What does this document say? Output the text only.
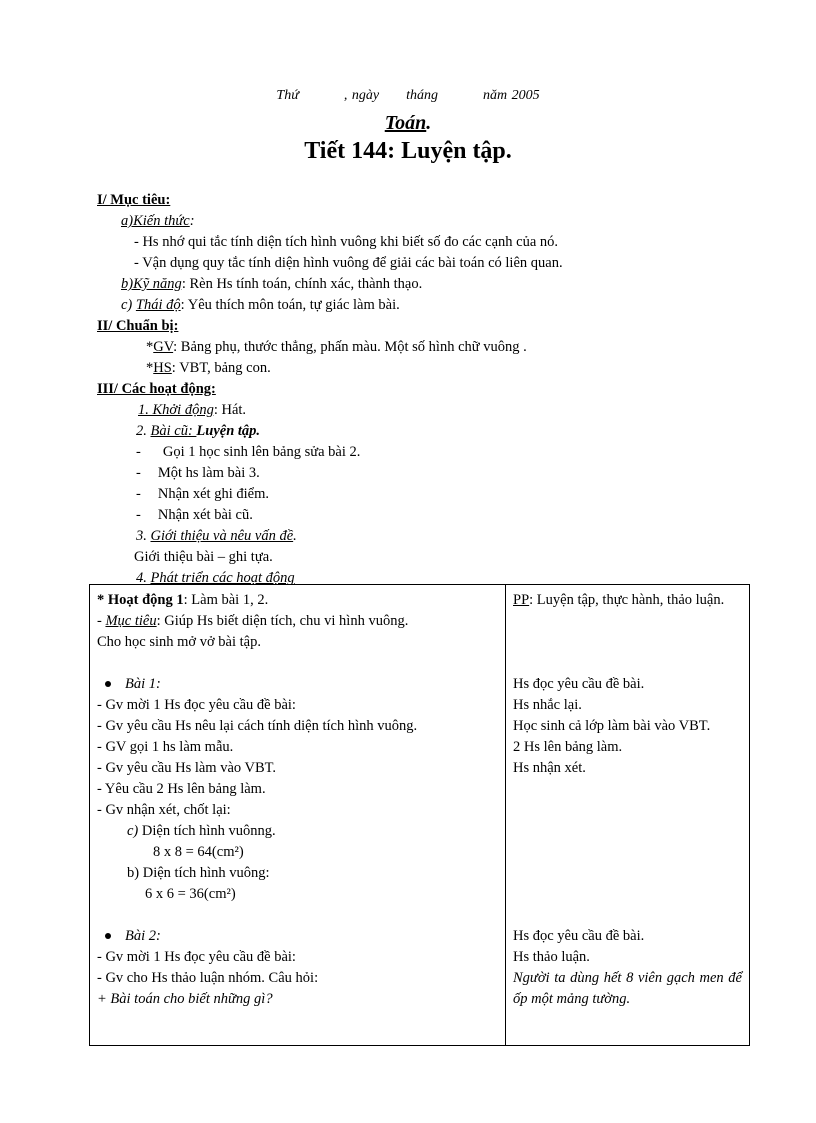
Thứ	, ngày tháng	năm 2005
Toán.
Tiết 144: Luyện tập.
I/ Mục tiêu:
a)Kiến thức:
- Hs nhớ qui tắc tính diện tích hình vuông khi biết số đo các cạnh của nó.
- Vận dụng quy tắc tính diện hình vuông để giải các bài toán có liên quan.
b)Kỹ năng: Rèn Hs tính toán, chính xác, thành thạo.
c) Thái độ: Yêu thích môn toán, tự giác làm bài.
II/ Chuẩn bị:
*GV: Bảng phụ, thước thẳng, phấn màu. Một số hình chữ vuông .
*HS: VBT, bảng con.
III/ Các hoạt động:
1. Khởi động: Hát.
2. Bài cũ: Luyện tập.
- Gọi 1 học sinh lên bảng sửa bài 2.
- Một hs làm bài 3.
- Nhận xét ghi điểm.
- Nhận xét bài cũ.
3. Giới thiệu và nêu vấn đề.
Giới thiệu bài – ghi tựa.
4. Phát triển các hoạt động
* Hoạt động 1: Làm bài 1, 2.
- Mục tiêu: Giúp Hs biết diện tích, chu vi hình vuông.
Cho học sinh mở vở bài tập.
Bài 1:
- Gv mời 1 Hs đọc yêu cầu đề bài:
- Gv yêu cầu Hs nêu lại cách tính diện tích hình vuông.
- GV gọi 1 hs làm mẫu.
- Gv yêu cầu Hs làm vào VBT.
- Yêu cầu 2 Hs lên bảng làm.
- Gv nhận xét, chốt lại:
c) Diện tích hình vuônng.
8 x 8 = 64(cm²)
b) Diện tích hình vuông:
6 x 6 = 36(cm²)
Bài 2:
- Gv mời 1 Hs đọc yêu cầu đề bài:
- Gv cho Hs thảo luận nhóm. Câu hỏi:
+ Bài toán cho biết những gì?

PP: Luyện tập, thực hành, thảo luận.
Hs đọc yêu cầu đề bài.
Hs nhắc lại.
Học sinh cả lớp làm bài vào VBT.
2 Hs lên bảng làm.
Hs nhận xét.
Hs đọc yêu cầu đề bài.
Hs thảo luận.
Người ta dùng hết 8 viên gạch men để ốp một mảng tường.
